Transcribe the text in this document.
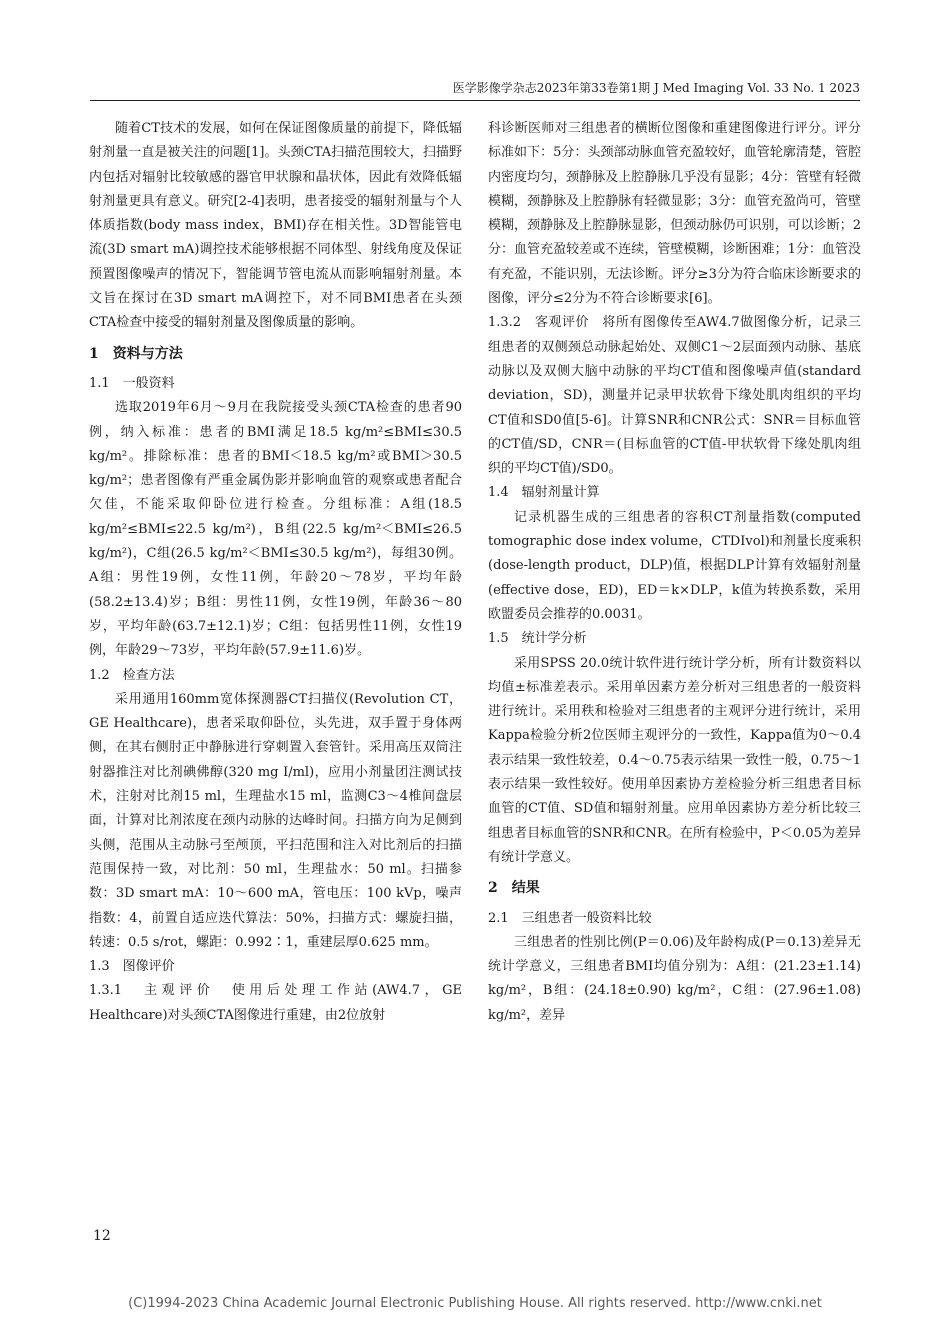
医学影像学杂志2023年第33卷第1期 J Med Imaging Vol. 33 No. 1 2023

随着CT技术的发展，如何在保证图像质量的前提下，降低辐射剂量一直是被关注的问题[1]。头颈CTA扫描范围较大，扫描野内包括对辐射比较敏感的器官甲状腺和晶状体，因此有效降低辐射剂量更具有意义。研究[2-4]表明，患者接受的辐射剂量与个人体质指数(body mass index，BMI)存在相关性。3D智能管电流(3D smart mA)调控技术能够根据不同体型、射线角度及保证预置图像噪声的情况下，智能调节管电流从而影响辐射剂量。本文旨在探讨在3D smart mA调控下，对不同BMI患者在头颈CTA检查中接受的辐射剂量及图像质量的影响。

1　资料与方法
1.1　一般资料

选取2019年6月～9月在我院接受头颈CTA检查的患者90例，纳入标准：患者的BMI满足18.5 kg/m²≤BMI≤30.5 kg/m²。排除标准：患者的BMI＜18.5 kg/m²或BMI＞30.5 kg/m²；患者图像有严重金属伪影并影响血管的观察或患者配合欠佳，不能采取仰卧位进行检查。分组标准：A组(18.5 kg/m²≤BMI≤22.5 kg/m²)，B组(22.5 kg/m²＜BMI≤26.5 kg/m²)，C组(26.5 kg/m²＜BMI≤30.5 kg/m²)，每组30例。A组：男性19例，女性11例，年龄20～78岁，平均年龄(58.2±13.4)岁；B组：男性11例，女性19例，年龄36～80岁，平均年龄(63.7±12.1)岁；C组：包括男性11例，女性19例，年龄29～73岁，平均年龄(57.9±11.6)岁。

1.2　检查方法

采用通用160mm宽体探测器CT扫描仪(Revolution CT，GE Healthcare)，患者采取仰卧位，头先进，双手置于身体两侧，在其右侧肘正中静脉进行穿刺置入套管针。采用高压双筒注射器推注对比剂碘佛醇(320 mg I/ml)，应用小剂量团注测试技术，注射对比剂15 ml，生理盐水15 ml，监测C3～4椎间盘层面，计算对比剂浓度在颈内动脉的达峰时间。扫描方向为足侧到头侧，范围从主动脉弓至颅顶，平扫范围和注入对比剂后的扫描范围保持一致，对比剂：50 ml，生理盐水：50 ml。扫描参数：3D smart mA：10～600 mA，管电压：100 kVp，噪声指数：4，前置自适应迭代算法：50%，扫描方式：螺旋扫描，转速：0.5 s/rot，螺距：0.992∶1，重建层厚0.625 mm。

1.3　图像评价

1.3.1　主观评价　使用后处理工作站(AW4.7，GE Healthcare)对头颈CTA图像进行重建，由2位放射

科诊断医师对三组患者的横断位图像和重建图像进行评分。评分标准如下：5分：头颈部动脉血管充盈较好，血管轮廓清楚，管腔内密度均匀，颈静脉及上腔静脉几乎没有显影；4分：管壁有轻微模糊，颈静脉及上腔静脉有轻微显影；3分：血管充盈尚可，管壁模糊，颈静脉及上腔静脉显影，但颈动脉仍可识别，可以诊断；2分：血管充盈较差或不连续，管壁模糊，诊断困难；1分：血管没有充盈，不能识别，无法诊断。评分≥3分为符合临床诊断要求的图像，评分≤2分为不符合诊断要求[6]。

1.3.2　客观评价　将所有图像传至AW4.7做图像分析，记录三组患者的双侧颈总动脉起始处、双侧C1～2层面颈内动脉、基底动脉以及双侧大脑中动脉的平均CT值和图像噪声值(standard deviation，SD)，测量并记录甲状软骨下缘处肌肉组织的平均CT值和SD0值[5-6]。计算SNR和CNR公式：SNR＝目标血管的CT值/SD，CNR＝(目标血管的CT值-甲状软骨下缘处肌肉组织的平均CT值)/SD0。

1.4　辐射剂量计算

记录机器生成的三组患者的容积CT剂量指数(computed tomographic dose index volume，CTDIvol)和剂量长度乘积(dose-length product，DLP)值，根据DLP计算有效辐射剂量(effective dose，ED)，ED＝k×DLP，k值为转换系数，采用欧盟委员会推荐的0.0031。

1.5　统计学分析

采用SPSS 20.0统计软件进行统计学分析，所有计数资料以均值±标准差表示。采用单因素方差分析对三组患者的一般资料进行统计。采用秩和检验对三组患者的主观评分进行统计，采用Kappa检验分析2位医师主观评分的一致性，Kappa值为0～0.4表示结果一致性较差，0.4～0.75表示结果一致性一般，0.75～1表示结果一致性较好。使用单因素协方差检验分析三组患者目标血管的CT值、SD值和辐射剂量。应用单因素协方差分析比较三组患者目标血管的SNR和CNR。在所有检验中，P＜0.05为差异有统计学意义。

2　结果
2.1　三组患者一般资料比较

三组患者的性别比例(P＝0.06)及年龄构成(P＝0.13)差异无统计学意义，三组患者BMI均值分别为：A组：(21.23±1.14) kg/m²，B组：(24.18±0.90) kg/m²，C组：(27.96±1.08) kg/m²，差异

12
(C)1994-2023 China Academic Journal Electronic Publishing House. All rights reserved. http://www.cnki.net
